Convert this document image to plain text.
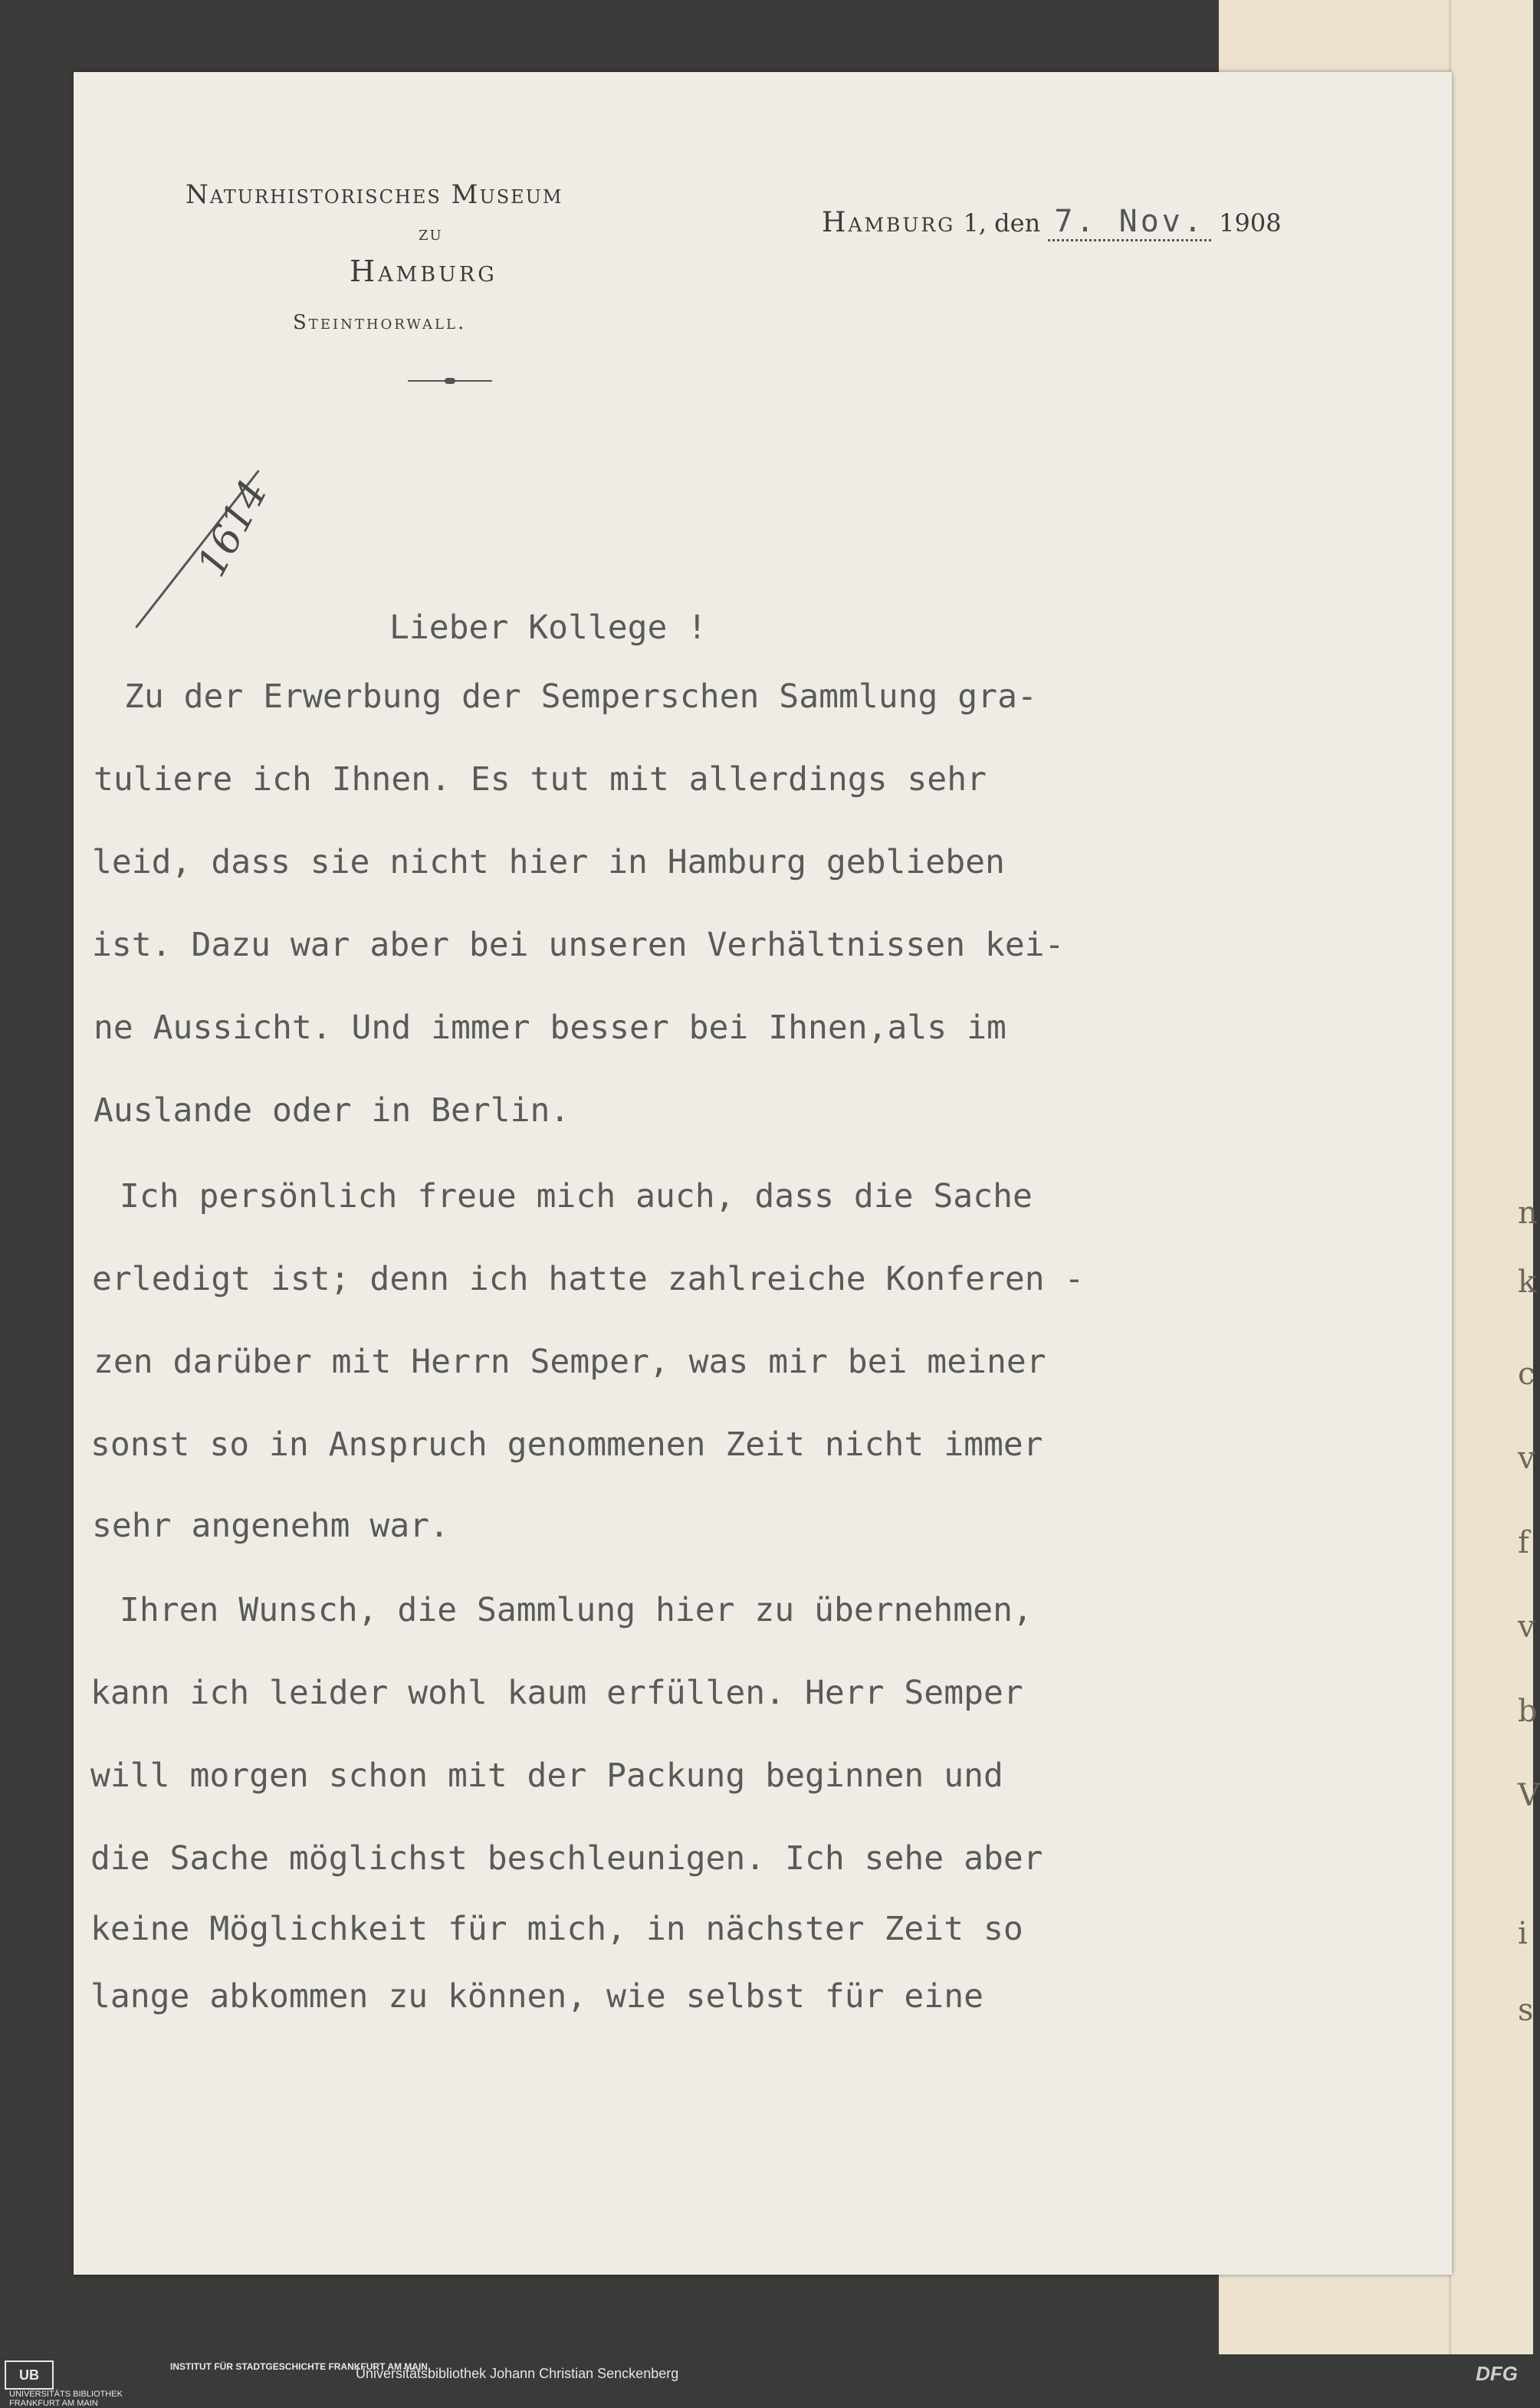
n
k
c
v
f
v
b
V
i
s
Naturhistorisches Museum
zu
Hamburg
Steinthorwall.
Hamburg 1, den 7. Nov. 1908
1614
Lieber Kollege !
Zu der Erwerbung der Semperschen Sammlung gra-
tuliere ich Ihnen. Es tut mit allerdings sehr
leid, dass sie nicht hier in Hamburg geblieben
ist. Dazu war aber bei unseren Verhältnissen kei-
ne Aussicht. Und immer besser bei Ihnen,als im
Auslande oder in Berlin.
Ich persönlich freue mich auch, dass die Sache
erledigt ist; denn ich hatte zahlreiche Konferen -
zen darüber mit Herrn Semper, was mir bei meiner
sonst so in Anspruch genommenen Zeit nicht immer
sehr angenehm war.
Ihren Wunsch, die Sammlung hier zu übernehmen,
kann ich leider wohl kaum erfüllen. Herr Semper
will morgen schon mit der Packung beginnen und
die Sache möglichst beschleunigen. Ich sehe aber
keine Möglichkeit für mich, in nächster Zeit so
lange abkommen zu können, wie selbst für eine
UBUNIVERSITÄTS BIBLIOTHEK FRANKFURT AM MAIN
INSTITUT FÜR STADTGESCHICHTE FRANKFURT AM MAIN
Universitätsbibliothek Johann Christian Senckenberg	DFG
